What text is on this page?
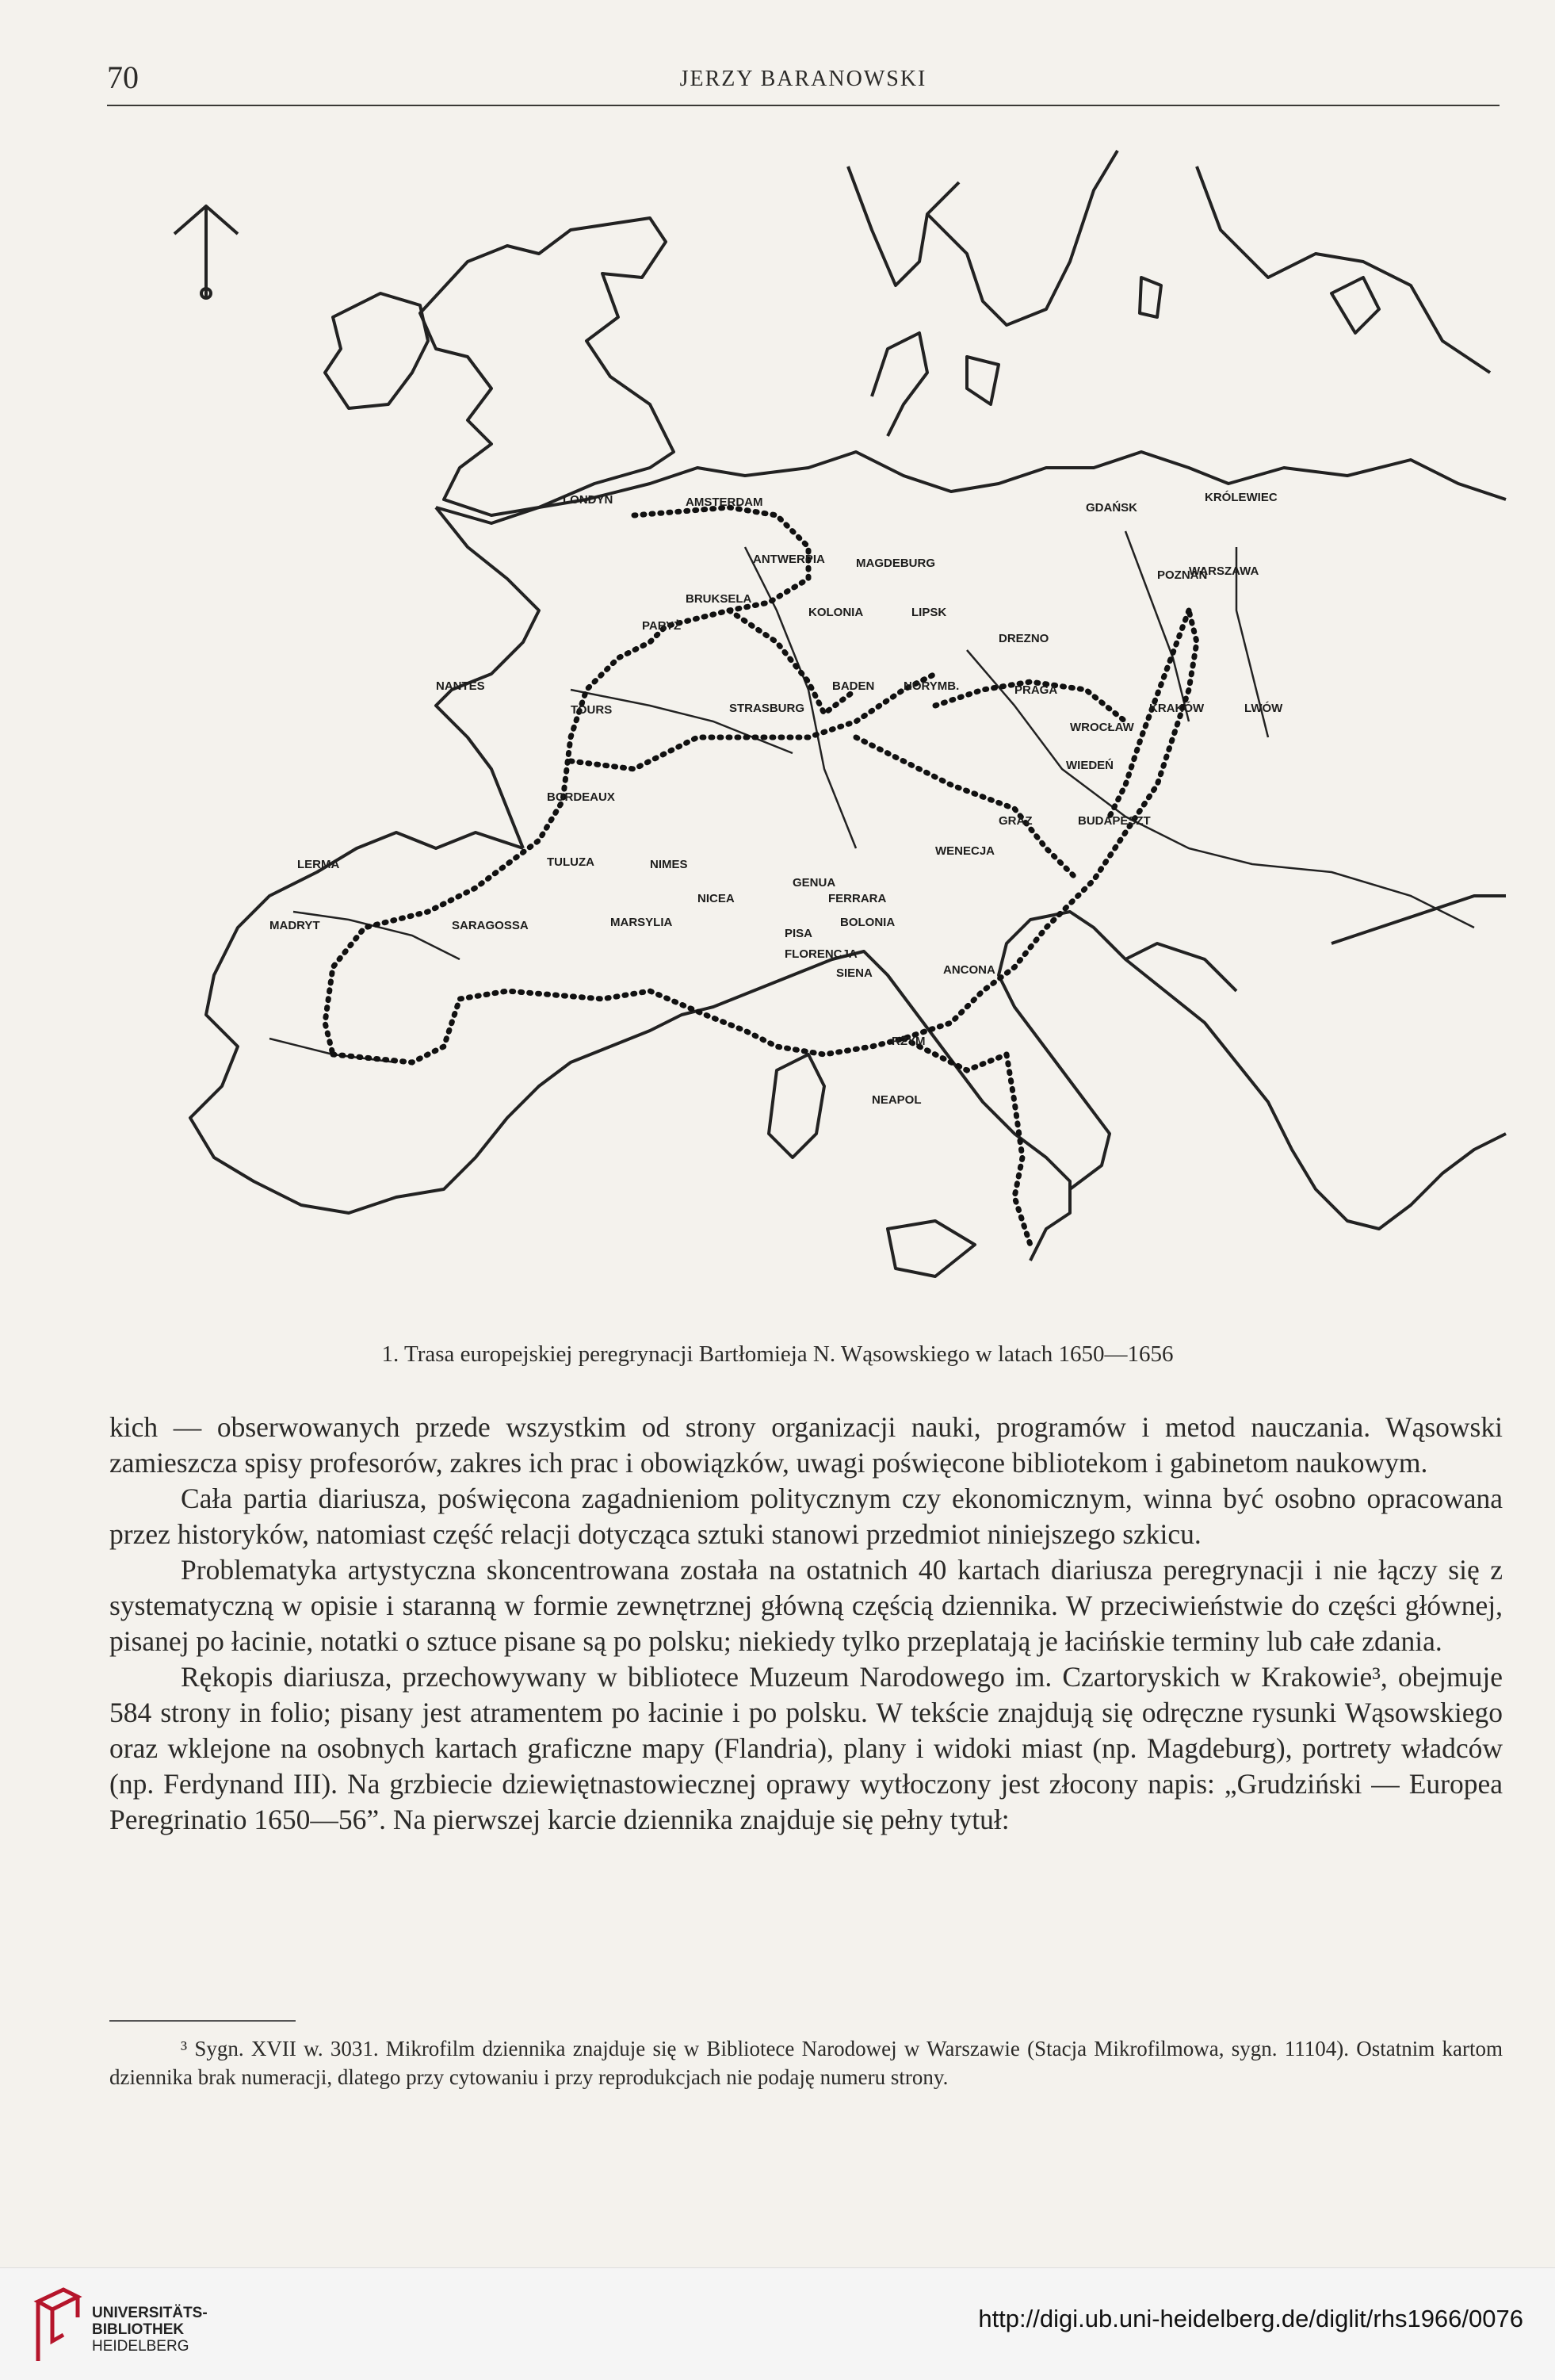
70	JERZY BARANOWSKI
LONDYN	AMSTERDAM
ANTWERPIA	MAGDEBURG
BRUKSELA
KOLONIA	LIPSK
PARYŻ
DREZNO
NANTES
TOURS	STRASBURG
BADEN NORYMB.	PRAGA
GDAŃSK
KRÓLEWIEC
WARSZAWA
POZNAŃ
KRAKÓW	LWÓW
WROCŁAW
WIEDEŃ
BORDEAUX
GRAZ	BUDAPESZT
WENECJA
LERMA	TULUZA	NIMES
GENUA
FERRARA
NICEA
MADRYT	SARAGOSSA	MARSYLIA
PISA
BOLONIA
FLORENCJA
SIENA	ANCONA
RZYM
NEAPOL
1. Trasa europejskiej peregrynacji Bartłomieja N. Wąsowskiego w latach 1650—1656

kich — obserwowanych przede wszystkim od strony organizacji nauki, programów i metod nauczania. Wąsowski zamieszcza spisy profesorów, zakres ich prac i obowiązków, uwagi poświęcone bibliotekom i gabinetom naukowym.

Cała partia diariusza, poświęcona zagadnieniom politycznym czy ekonomicznym, winna być osobno opracowana przez historyków, natomiast część relacji dotycząca sztuki stanowi przedmiot niniejszego szkicu.

Problematyka artystyczna skoncentrowana została na ostatnich 40 kartach diariusza peregrynacji i nie łączy się z systematyczną w opisie i staranną w formie zewnętrznej główną częścią dziennika. W przeciwieństwie do części głównej, pisanej po łacinie, notatki o sztuce pisane są po polsku; niekiedy tylko przeplatają je łacińskie terminy lub całe zdania.

Rękopis diariusza, przechowywany w bibliotece Muzeum Narodowego im. Czartoryskich w Krakowie³, obejmuje 584 strony in folio; pisany jest atramentem po łacinie i po polsku. W tekście znajdują się odręczne rysunki Wąsowskiego oraz wklejone na osobnych kartach graficzne mapy (Flandria), plany i widoki miast (np. Magdeburg), portrety władców (np. Ferdynand III). Na grzbiecie dziewiętnastowiecznej oprawy wytłoczony jest złocony napis: „Grudziński — Europea Peregrinatio 1650—56”. Na pierwszej karcie dziennika znajduje się pełny tytuł:

³ Sygn. XVII w. 3031. Mikrofilm dziennika znajduje się w Bibliotece Narodowej w Warszawie (Stacja Mikrofilmowa, sygn. 11104). Ostatnim kartom dziennika brak numeracji, dlatego przy cytowaniu i przy reprodukcjach nie podaję numeru strony.
UNIVERSITÄTS-
BIBLIOTHEK
HEIDELBERG
http://digi.ub.uni-heidelberg.de/diglit/rhs1966/0076
